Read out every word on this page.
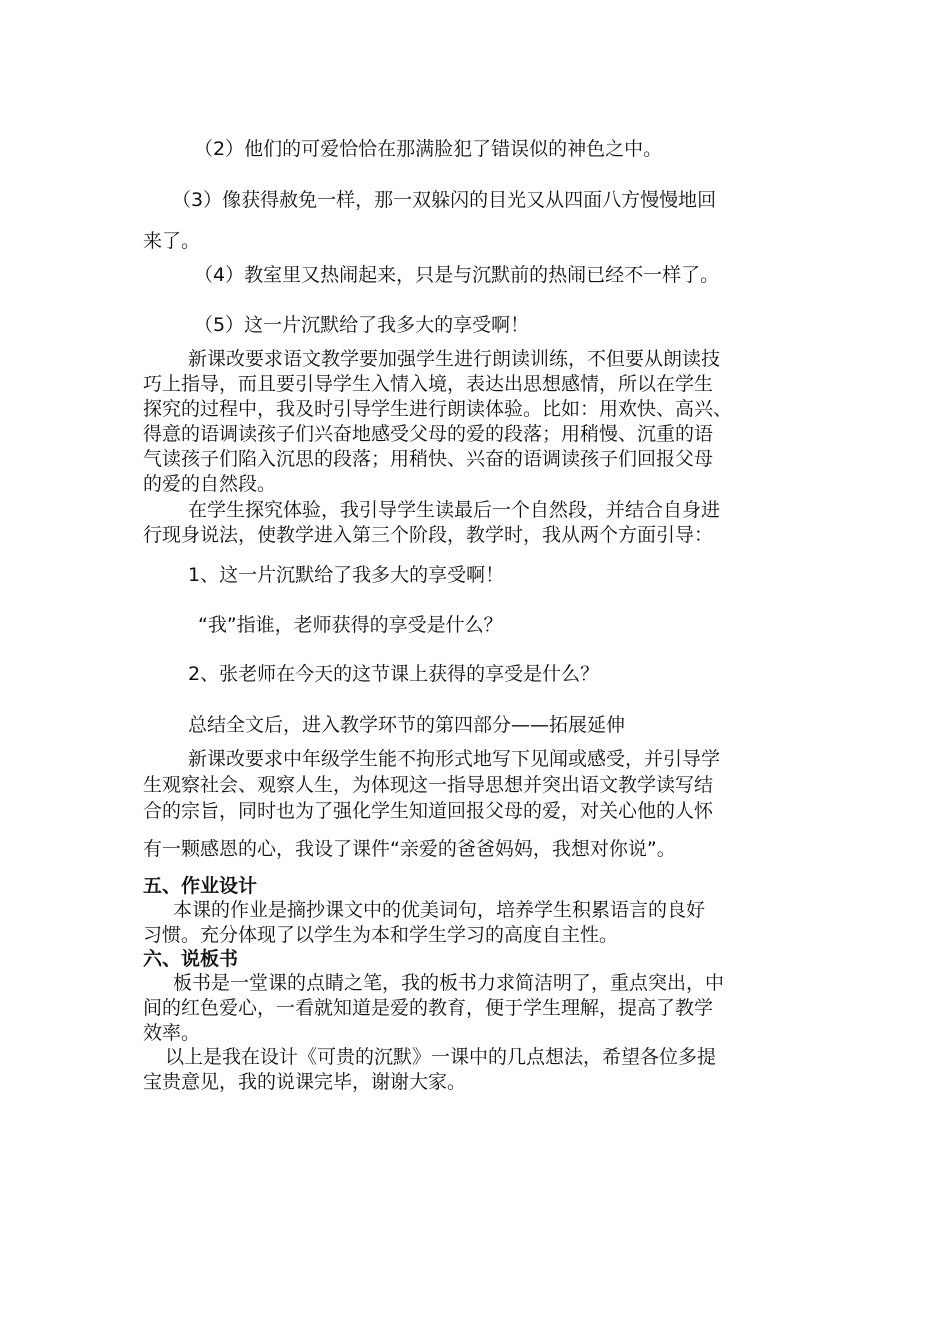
（2）他们的可爱恰恰在那满脸犯了错误似的神色之中。
（3）像获得赦免一样，那一双躲闪的目光又从四面八方慢慢地回
来了。
（4）教室里又热闹起来，只是与沉默前的热闹已经不一样了。
（5）这一片沉默给了我多大的享受啊！

新课改要求语文教学要加强学生进行朗读训练，不但要从朗读技

巧上指导，而且要引导学生入情入境，表达出思想感情，所以在学生

探究的过程中，我及时引导学生进行朗读体验。比如：用欢快、高兴、

得意的语调读孩子们兴奋地感受父母的爱的段落；用稍慢、沉重的语

气读孩子们陷入沉思的段落；用稍快、兴奋的语调读孩子们回报父母

的爱的自然段。

在学生探究体验，我引导学生读最后一个自然段，并结合自身进

行现身说法，使教学进入第三个阶段，教学时，我从两个方面引导：

1、这一片沉默给了我多大的享受啊！
“我”指谁，老师获得的享受是什么？
2、张老师在今天的这节课上获得的享受是什么？
总结全文后，进入教学环节的第四部分——拓展延伸
新课改要求中年级学生能不拘形式地写下见闻或感受，并引导学
生观察社会、观察人生，为体现这一指导思想并突出语文教学读写结
合的宗旨，同时也为了强化学生知道回报父母的爱，对关心他的人怀
有一颗感恩的心，我设了课件“亲爱的爸爸妈妈，我想对你说”。
五、作业设计

本课的作业是摘抄课文中的优美词句，培养学生积累语言的良好

习惯。充分体现了以学生为本和学生学习的高度自主性。

六、说板书

板书是一堂课的点睛之笔，我的板书力求简洁明了，重点突出，中

间的红色爱心，一看就知道是爱的教育，便于学生理解，提高了教学

效率。

以上是我在设计《可贵的沉默》一课中的几点想法，希望各位多提

宝贵意见，我的说课完毕，谢谢大家。
